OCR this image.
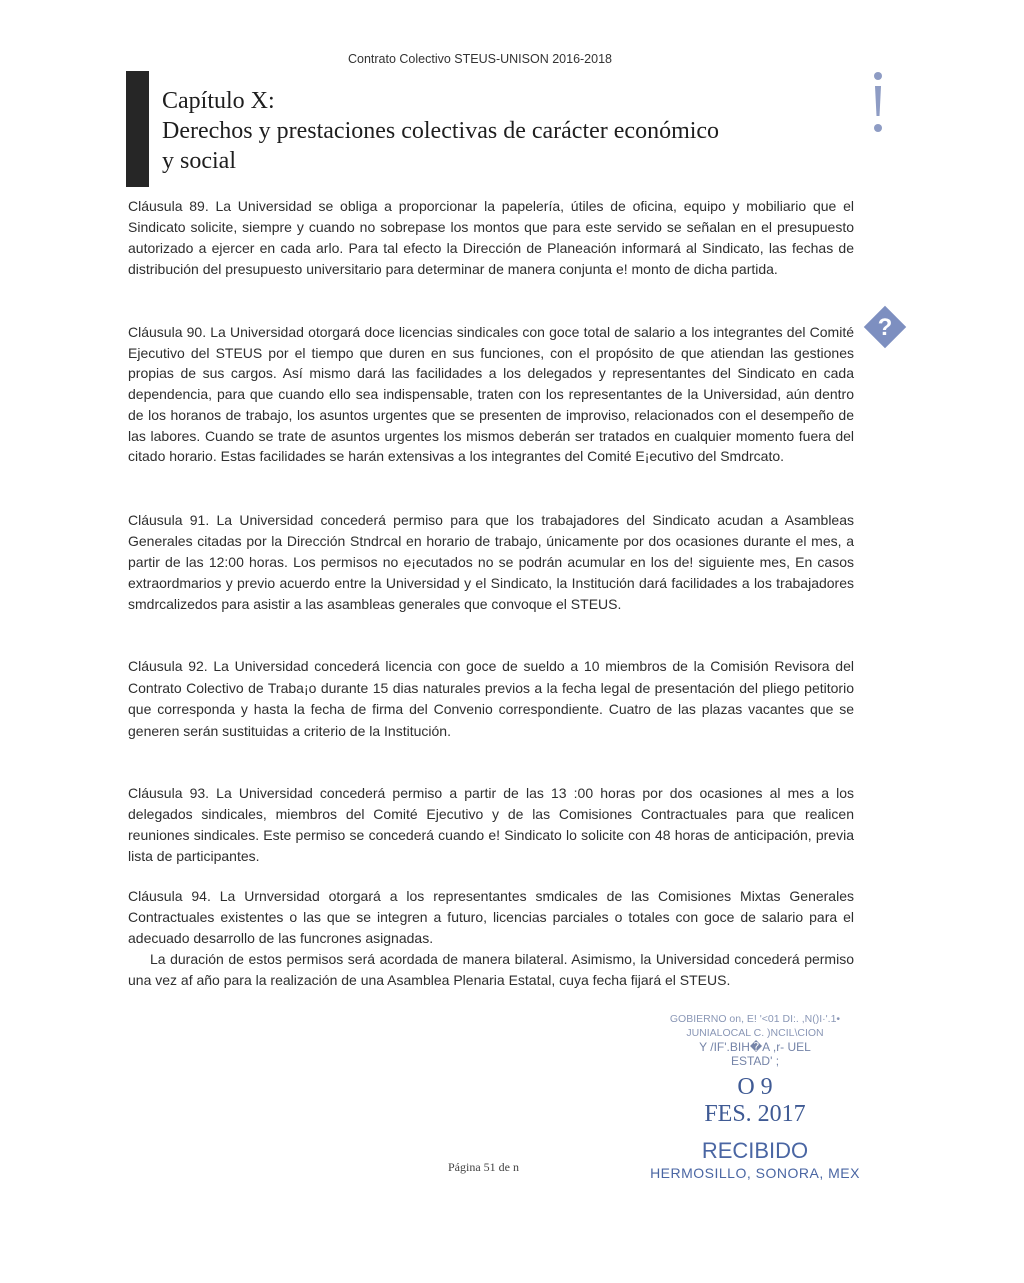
Contrato Colectivo STEUS-UNISON 2016-2018
Capítulo X:
Derechos y prestaciones colectivas de carácter económico
y social
?

Cláusula 89. La Universidad se obliga a proporcionar la papelería, útiles de oficina, equipo y mobiliario que el Sindicato solicite, siempre y cuando no sobrepase los montos que para este servido se señalan en el presupuesto autorizado a ejercer en cada arlo. Para tal efecto la Dirección de Planeación informará al Sindicato, las fechas de distribución del presupuesto universitario para determinar de manera conjunta e! monto de dicha partida.

Cláusula 90. La Universidad otorgará doce licencias sindicales con goce total de salario a los integrantes del Comité Ejecutivo del STEUS por el tiempo que duren en sus funciones, con el propósito de que atiendan las gestiones propias de sus cargos. Así mismo dará las facilidades a los delegados y representantes del Sindicato en cada dependencia, para que cuando ello sea indispensable, traten con los representantes de la Universidad, aún dentro de los horanos de trabajo, los asuntos urgentes que se presenten de improviso, relacionados con el desempeño de las labores. Cuando se trate de asuntos urgentes los mismos deberán ser tratados en cualquier momento fuera del citado horario. Estas facilidades se harán extensivas a los integrantes del Comité E¡ecutivo del Smdrcato.

Cláusula 91. La Universidad concederá permiso para que los trabajadores del Sindicato acudan a Asambleas Generales citadas por la Dirección Stndrcal en horario de trabajo, únicamente por dos ocasiones durante el mes, a partir de las 12:00 horas. Los permisos no e¡ecutados no se podrán acumular en los de! siguiente mes, En casos extraordmarios y previo acuerdo entre la Universidad y el Sindicato, la Institución dará facilidades a los trabajadores smdrcalizedos para asistir a las asambleas generales que convoque el STEUS.

Cláusula 92. La Universidad concederá licencia con goce de sueldo a 10 miembros de la Comisión Revisora del Contrato Colectivo de Traba¡o durante 15 dias naturales previos a la fecha legal de presentación del pliego petitorio que corresponda y hasta la fecha de firma del Convenio correspondiente. Cuatro de las plazas vacantes que se generen serán sustituidas a criterio de la Institución.

Cláusula 93. La Universidad concederá permiso a partir de las 13 :00 horas por dos ocasiones al mes a los delegados sindicales, miembros del Comité Ejecutivo y de las Comisiones Contractuales para que realicen reuniones sindicales. Este permiso se concederá cuando e! Sindicato lo solicite con 48 horas de anticipación, previa lista de participantes.

Cláusula 94. La Urnversidad otorgará a los representantes smdicales de las Comisiones Mixtas Generales Contractuales existentes o las que se integren a futuro, licencias parciales o totales con goce de salario para el adecuado desarrollo de las funcrones asignadas.

La duración de estos permisos será acordada de manera bilateral. Asimismo, la Universidad concederá permiso una vez af año para la realización de una Asamblea Plenaria Estatal, cuya fecha fijará el STEUS.

GOBIERNO on, E! '<01 DI:. ,N()I·'.1•
JUNIALOCAL C. )NCIL\CION
Y /IF'.BIH�A ,r- UEL
ESTAD' ;
O 9
FES. 2017
RECIBIDO
HERMOSILLO, SONORA, MEX
Página 51 de n
